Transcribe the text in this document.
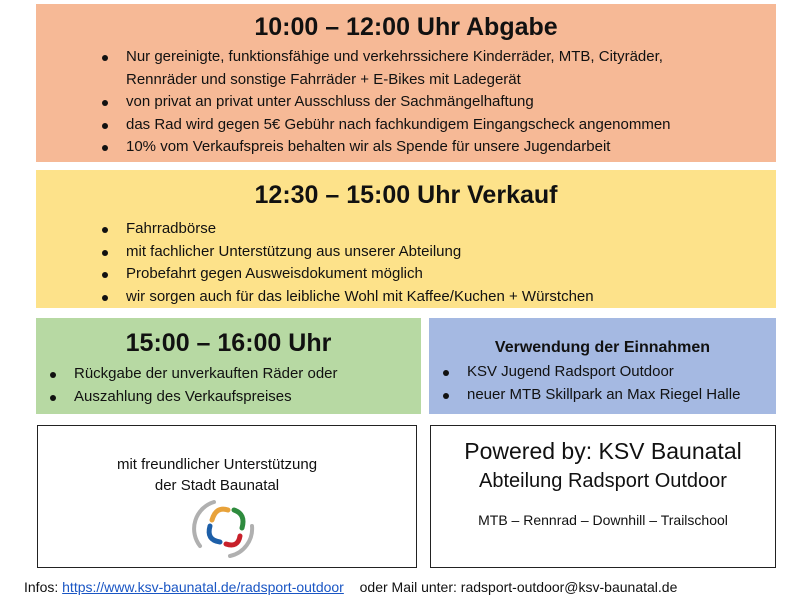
10:00 – 12:00 Uhr Abgabe
Nur gereinigte, funktionsfähige und verkehrssichere Kinderräder, MTB, Cityräder,
Rennräder und sonstige Fahrräder + E-Bikes mit Ladegerät
von privat an privat unter Ausschluss der Sachmängelhaftung
das Rad wird gegen 5€ Gebühr nach fachkundigem Eingangscheck angenommen
10% vom Verkaufspreis behalten wir als Spende für unsere Jugendarbeit
12:30 – 15:00 Uhr Verkauf
Fahrradbörse
mit fachlicher Unterstützung aus unserer Abteilung
Probefahrt gegen Ausweisdokument möglich
wir sorgen auch für das leibliche Wohl mit Kaffee/Kuchen + Würstchen
15:00 – 16:00 Uhr
Rückgabe der unverkauften Räder oder
Auszahlung des Verkaufspreises
Verwendung der Einnahmen
KSV Jugend Radsport Outdoor
neuer MTB Skillpark an Max Riegel Halle
mit freundlicher Unterstützung
der Stadt Baunatal
Powered by: KSV Baunatal
Abteilung Radsport Outdoor
MTB – Rennrad – Downhill – Trailschool
Infos: https://www.ksv-baunatal.de/radsport-outdoor oder Mail unter: radsport-outdoor@ksv-baunatal.de
